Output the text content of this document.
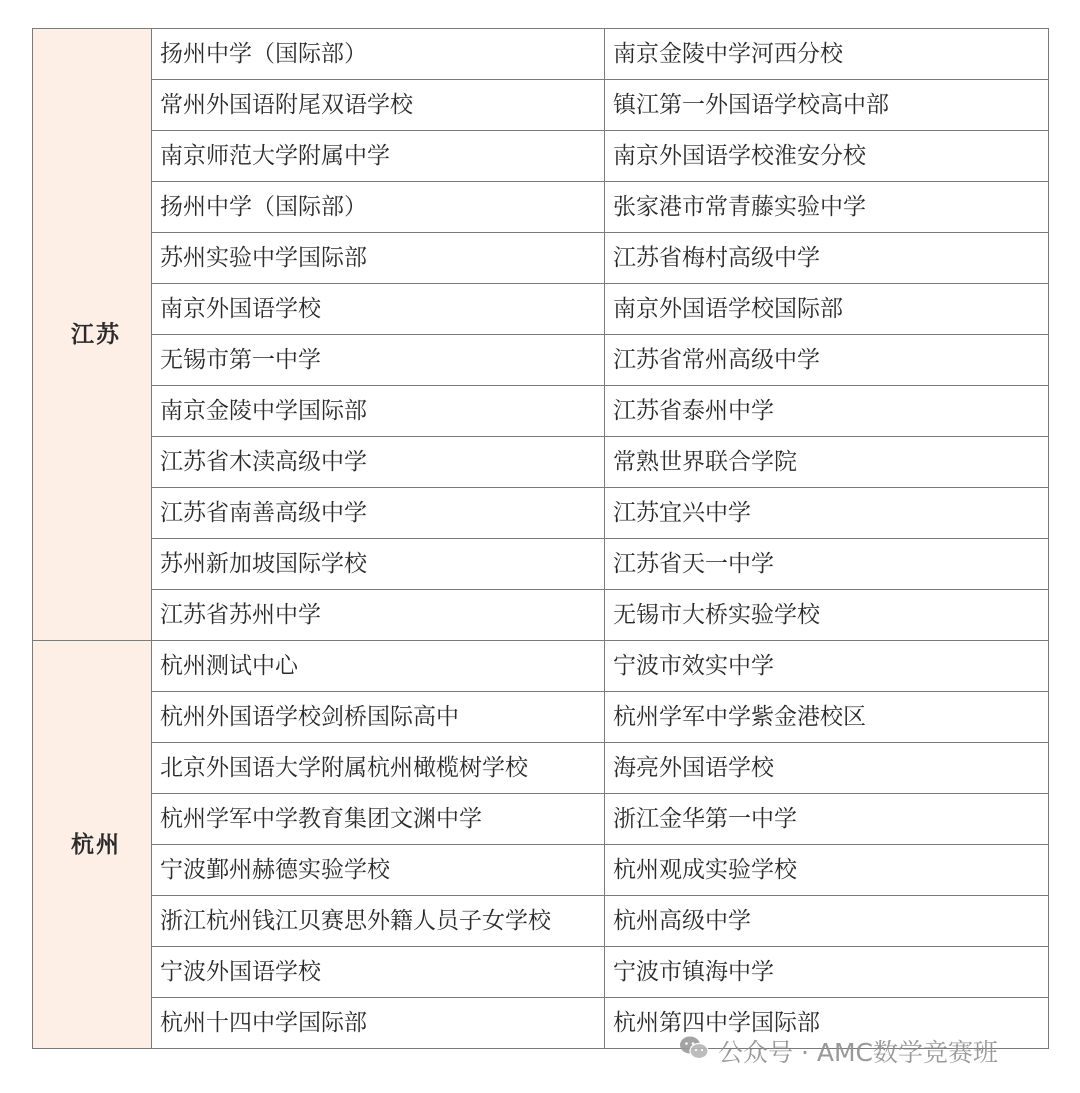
江苏	扬州中学（国际部）	南京金陵中学河西分校
	常州外国语附尾双语学校	镇江第一外国语学校高中部
	南京师范大学附属中学	南京外国语学校淮安分校
	扬州中学（国际部）	张家港市常青藤实验中学
	苏州实验中学国际部	江苏省梅村高级中学
	南京外国语学校	南京外国语学校国际部
	无锡市第一中学	江苏省常州高级中学
	南京金陵中学国际部	江苏省泰州中学
	江苏省木渎高级中学	常熟世界联合学院
	江苏省南善高级中学	江苏宜兴中学
	苏州新加坡国际学校	江苏省天一中学
	江苏省苏州中学	无锡市大桥实验学校
杭州	杭州测试中心	宁波市效实中学
	杭州外国语学校剑桥国际高中	杭州学军中学紫金港校区
	北京外国语大学附属杭州橄榄树学校	海亮外国语学校
	杭州学军中学教育集团文渊中学	浙江金华第一中学
	宁波鄞州赫德实验学校	杭州观成实验学校
	浙江杭州钱江贝赛思外籍人员子女学校	杭州高级中学
	宁波外国语学校	宁波市镇海中学
	杭州十四中学国际部	杭州第四中学国际部
公众号 · AMC数学竞赛班
